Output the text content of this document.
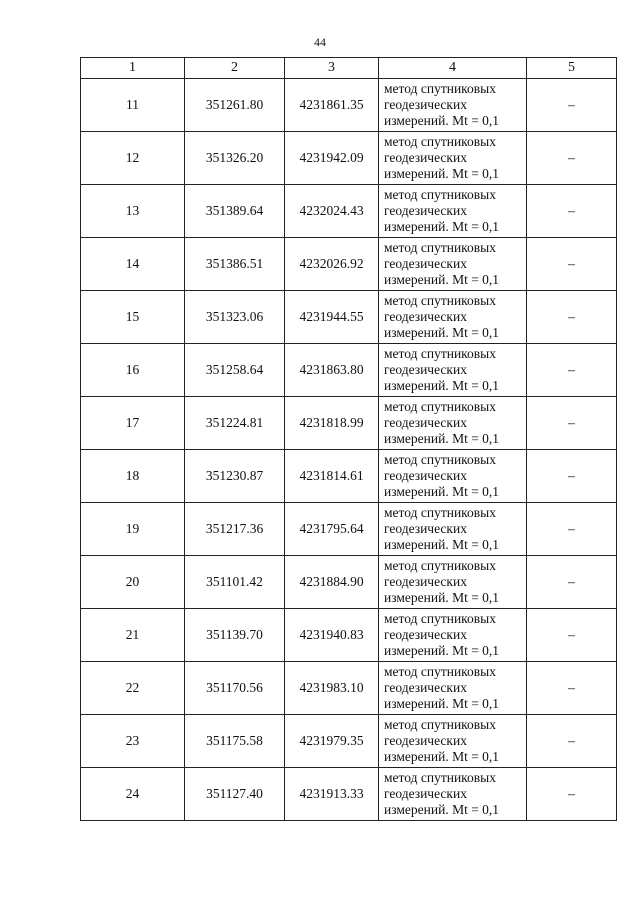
44
1	2	3	4	5
11	351261.80	4231861.35	метод спутниковых
геодезических
измерений. Mt = 0,1	–
12	351326.20	4231942.09	метод спутниковых
геодезических
измерений. Mt = 0,1	–
13	351389.64	4232024.43	метод спутниковых
геодезических
измерений. Mt = 0,1	–
14	351386.51	4232026.92	метод спутниковых
геодезических
измерений. Mt = 0,1	–
15	351323.06	4231944.55	метод спутниковых
геодезических
измерений. Mt = 0,1	–
16	351258.64	4231863.80	метод спутниковых
геодезических
измерений. Mt = 0,1	–
17	351224.81	4231818.99	метод спутниковых
геодезических
измерений. Mt = 0,1	–
18	351230.87	4231814.61	метод спутниковых
геодезических
измерений. Mt = 0,1	–
19	351217.36	4231795.64	метод спутниковых
геодезических
измерений. Mt = 0,1	–
20	351101.42	4231884.90	метод спутниковых
геодезических
измерений. Mt = 0,1	–
21	351139.70	4231940.83	метод спутниковых
геодезических
измерений. Mt = 0,1	–
22	351170.56	4231983.10	метод спутниковых
геодезических
измерений. Mt = 0,1	–
23	351175.58	4231979.35	метод спутниковых
геодезических
измерений. Mt = 0,1	–
24	351127.40	4231913.33	метод спутниковых
геодезических
измерений. Mt = 0,1	–
